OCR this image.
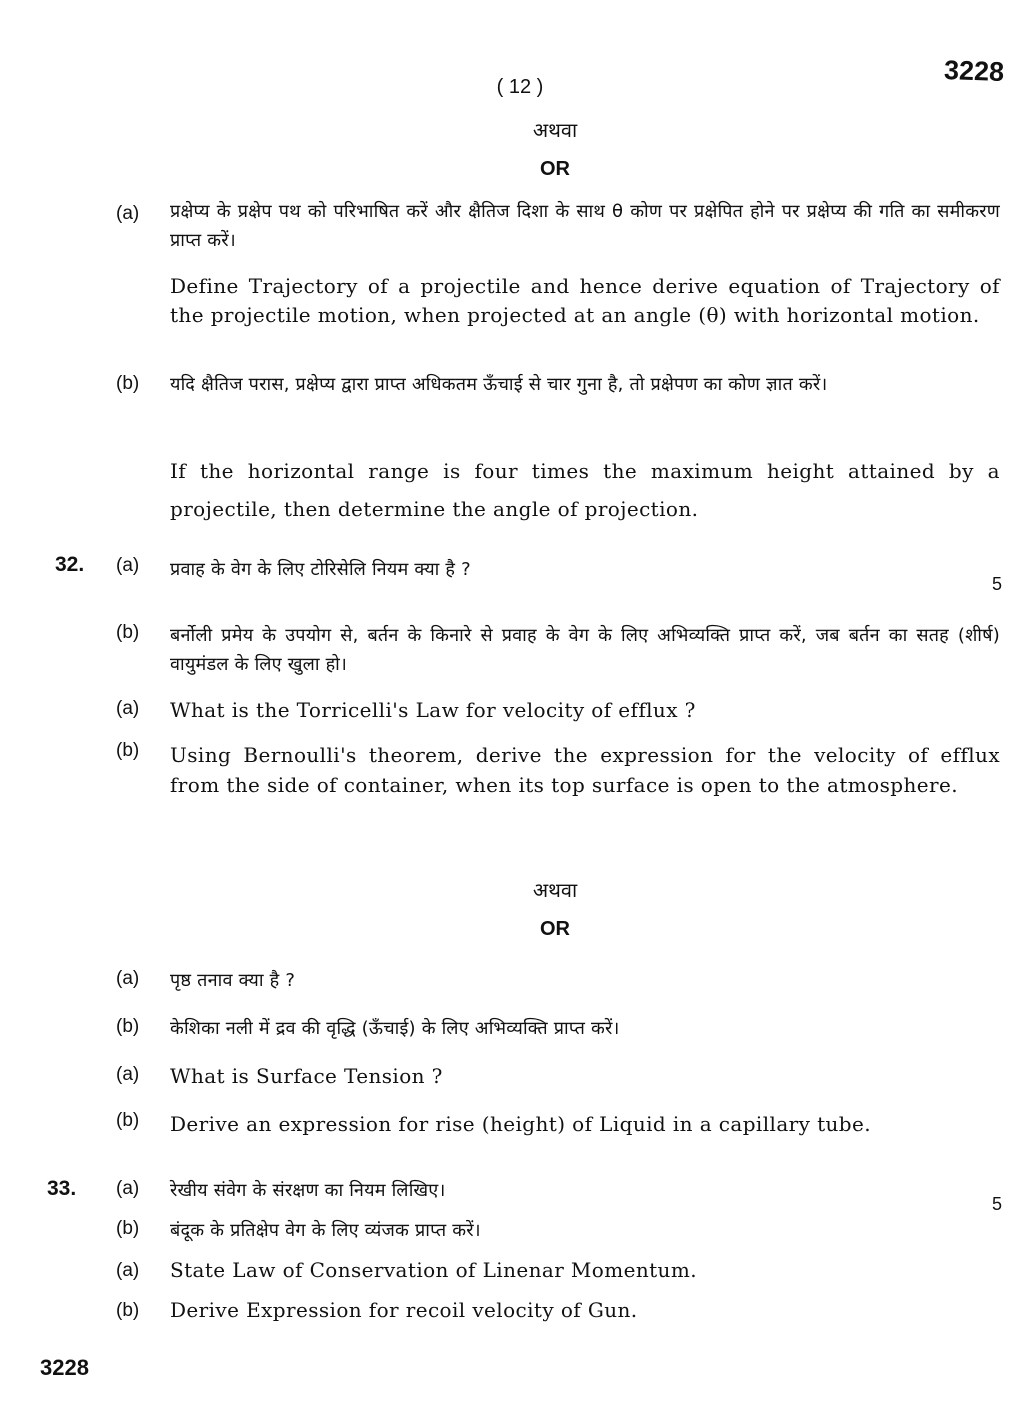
( 12 )	3228
अथवा
OR
(a) प्रक्षेप्य के प्रक्षेप पथ को परिभाषित करें और क्षैतिज दिशा के साथ θ कोण पर प्रक्षेपित होने पर प्रक्षेप्य की गति का समीकरण प्राप्त करें।
Define Trajectory of a projectile and hence derive equation of Trajectory of the projectile motion, when projected at an angle (θ) with horizontal motion.
(b) यदि क्षैतिज परास, प्रक्षेप्य द्वारा प्राप्त अधिकतम ऊँचाई से चार गुना है, तो प्रक्षेपण का कोण ज्ञात करें।
If the horizontal range is four times the maximum height attained by a projectile, then determine the angle of projection.
32. (a) प्रवाह के वेग के लिए टोरिसेलि नियम क्या है ?
5
(b) बर्नोली प्रमेय के उपयोग से, बर्तन के किनारे से प्रवाह के वेग के लिए अभिव्यक्ति प्राप्त करें, जब बर्तन का सतह (शीर्ष) वायुमंडल के लिए खुला हो।
(a) What is the Torricelli's Law for velocity of efflux ?
(b) Using Bernoulli's theorem, derive the expression for the velocity of efflux from the side of container, when its top surface is open to the atmosphere.
अथवा
OR
(a) पृष्ठ तनाव क्या है ?
(b) केशिका नली में द्रव की वृद्धि (ऊँचाई) के लिए अभिव्यक्ति प्राप्त करें।
(a) What is Surface Tension ?
(b) Derive an expression for rise (height) of Liquid in a capillary tube.
33. (a) रेखीय संवेग के संरक्षण का नियम लिखिए।
5
(b) बंदूक के प्रतिक्षेप वेग के लिए व्यंजक प्राप्त करें।
(a) State Law of Conservation of Linenar Momentum.
(b) Derive Expression for recoil velocity of Gun.
3228
